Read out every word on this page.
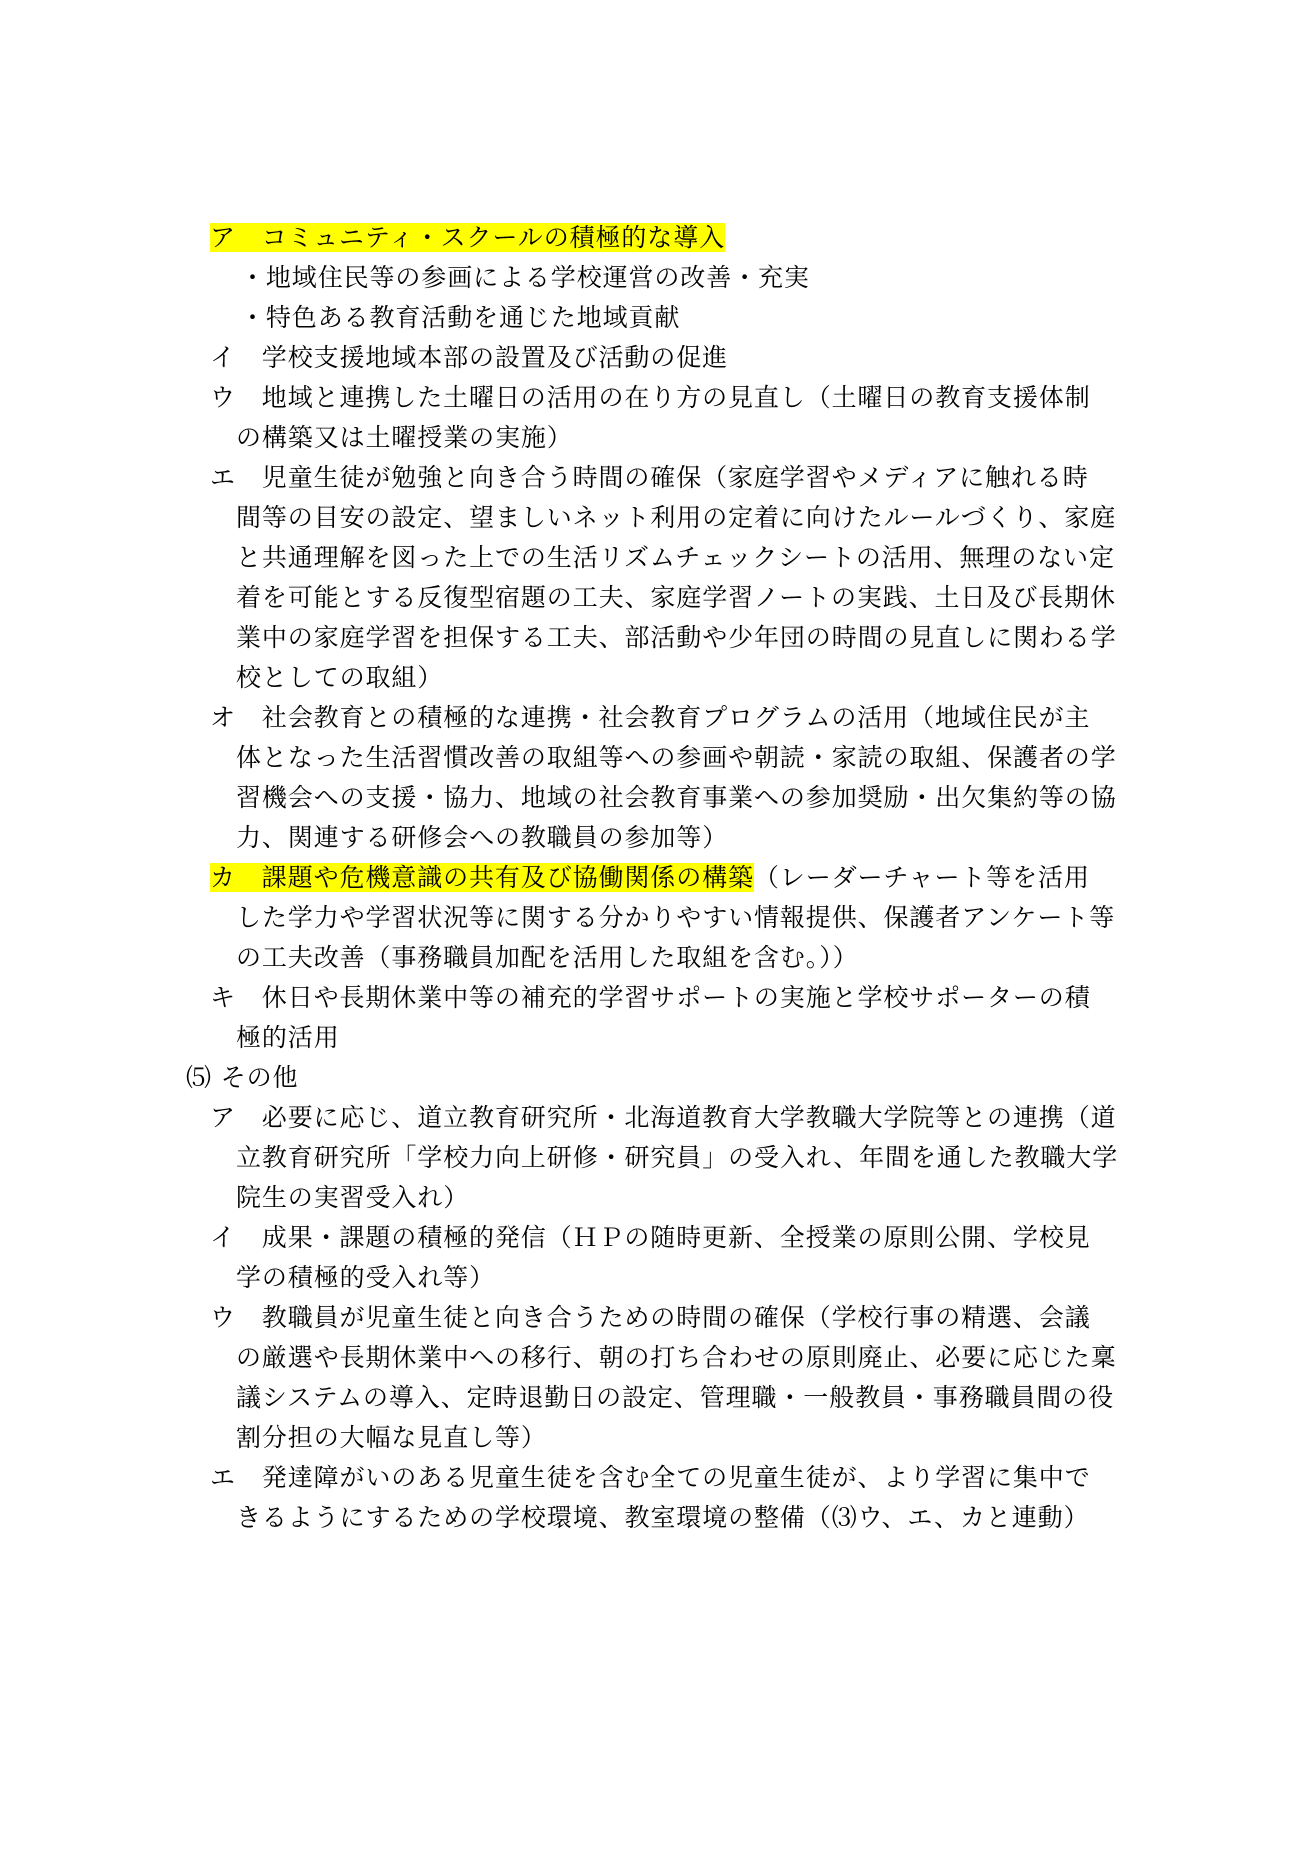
ア　コミュニティ・スクールの積極的な導入
・地域住民等の参画による学校運営の改善・充実
・特色ある教育活動を通じた地域貢献
イ　学校支援地域本部の設置及び活動の促進
ウ　地域と連携した土曜日の活用の在り方の見直し（土曜日の教育支援体制
の構築又は土曜授業の実施）
エ　児童生徒が勉強と向き合う時間の確保（家庭学習やメディアに触れる時
間等の目安の設定、望ましいネット利用の定着に向けたルールづくり、家庭
と共通理解を図った上での生活リズムチェックシートの活用、無理のない定
着を可能とする反復型宿題の工夫、家庭学習ノートの実践、土日及び長期休
業中の家庭学習を担保する工夫、部活動や少年団の時間の見直しに関わる学
校としての取組）
オ　社会教育との積極的な連携・社会教育プログラムの活用（地域住民が主
体となった生活習慣改善の取組等への参画や朝読・家読の取組、保護者の学
習機会への支援・協力、地域の社会教育事業への参加奨励・出欠集約等の協
力、関連する研修会への教職員の参加等）
カ　課題や危機意識の共有及び協働関係の構築（レーダーチャート等を活用
した学力や学習状況等に関する分かりやすい情報提供、保護者アンケート等
の工夫改善（事務職員加配を活用した取組を含む。））
キ　休日や長期休業中等の補充的学習サポートの実施と学校サポーターの積
極的活用
⑸ その他
ア　必要に応じ、道立教育研究所・北海道教育大学教職大学院等との連携（道
立教育研究所「学校力向上研修・研究員」の受入れ、年間を通した教職大学
院生の実習受入れ）
イ　成果・課題の積極的発信（ＨＰの随時更新、全授業の原則公開、学校見
学の積極的受入れ等）
ウ　教職員が児童生徒と向き合うための時間の確保（学校行事の精選、会議
の厳選や長期休業中への移行、朝の打ち合わせの原則廃止、必要に応じた稟
議システムの導入、定時退勤日の設定、管理職・一般教員・事務職員間の役
割分担の大幅な見直し等）
エ　発達障がいのある児童生徒を含む全ての児童生徒が、より学習に集中で
きるようにするための学校環境、教室環境の整備（⑶ウ、エ、カと連動）
